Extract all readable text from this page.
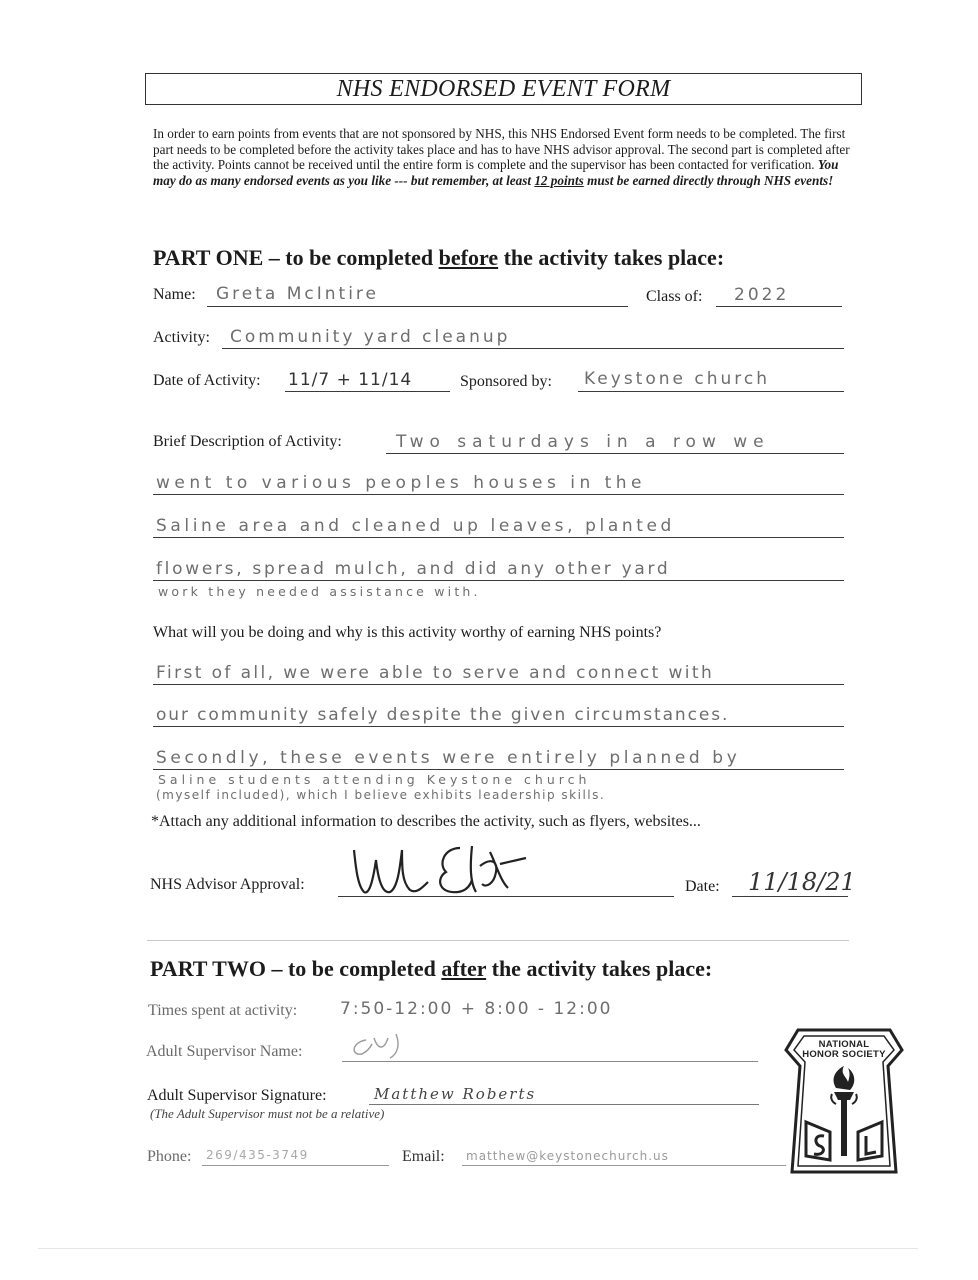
NHS ENDORSED EVENT FORM
In order to earn points from events that are not sponsored by NHS, this NHS Endorsed Event form needs to be completed. The first part needs to be completed before the activity takes place and has to have NHS advisor approval. The second part is completed after the activity. Points cannot be received until the entire form is complete and the supervisor has been contacted for verification. You may do as many endorsed events as you like --- but remember, at least 12 points must be earned directly through NHS events!
PART ONE – to be completed before the activity takes place:
Name: Greta McIntire	Class of: 2022
Activity: Community yard cleanup
Date of Activity: 11/7 + 11/14	Sponsored by: Keystone church
Brief Description of Activity:	Two saturdays in a row we
went to various peoples houses in the
Saline area and cleaned up leaves, planted
flowers, spread mulch, and did any other yard
work they needed assistance with.
What will you be doing and why is this activity worthy of earning NHS points?
First of all, we were able to serve and connect with
our community safely despite the given circumstances.
Secondly, these events were entirely planned by
Saline students attending Keystone church
(myself included), which I believe exhibits leadership skills.
*Attach any additional information to describes the activity, such as flyers, websites...
NHS Advisor Approval:	Date: 11/18/21
PART TWO – to be completed after the activity takes place:
Times spent at activity:	7:50-12:00 + 8:00 - 12:00
Adult Supervisor Name:
Adult Supervisor Signature:	Matthew Roberts
(The Adult Supervisor must not be a relative)
Phone: 269/435-3749	Email: matthew@keystonechurch.us
NATIONAL
HONOR SOCIETY
